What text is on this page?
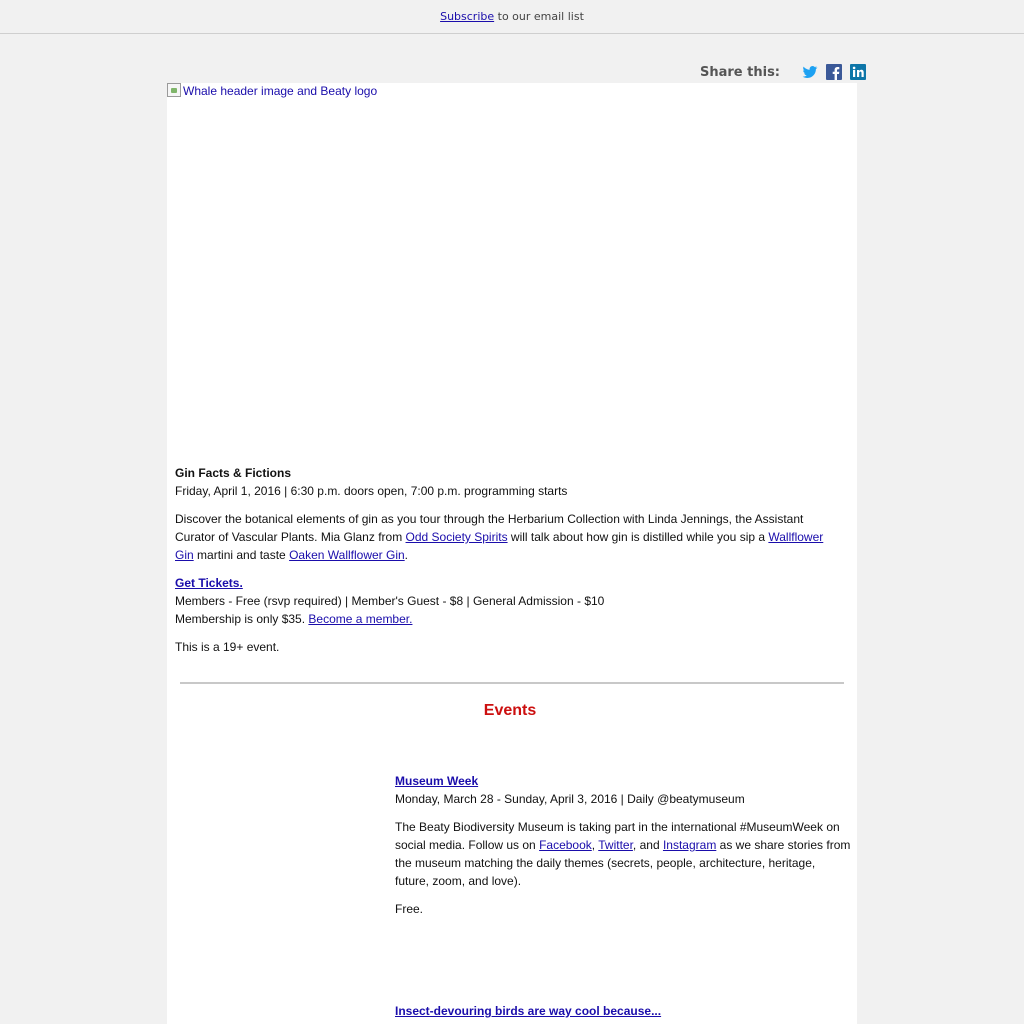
Subscribe to our email list
Share this:
Whale header image and Beaty logo

Gin Facts & Fictions

Friday, April 1, 2016 | 6:30 p.m. doors open, 7:00 p.m. programming starts

Discover the botanical elements of gin as you tour through the Herbarium Collection with Linda Jennings, the Assistant Curator of Vascular Plants. Mia Glanz from Odd Society Spirits will talk about how gin is distilled while you sip a Wallflower Gin martini and taste Oaken Wallflower Gin.

Get Tickets.

Members - Free (rsvp required) | Member's Guest - $8 | General Admission - $10

Membership is only $35. Become a member.

This is a 19+ event.

Events

Museum Week

Monday, March 28 - Sunday, April 3, 2016 | Daily @beatymuseum

The Beaty Biodiversity Museum is taking part in the international #MuseumWeek on social media. Follow us on Facebook, Twitter, and Instagram as we share stories from the museum matching the daily themes (secrets, people, architecture, heritage, future, zoom, and love).

Free.

Insect-devouring birds are way cool because...
